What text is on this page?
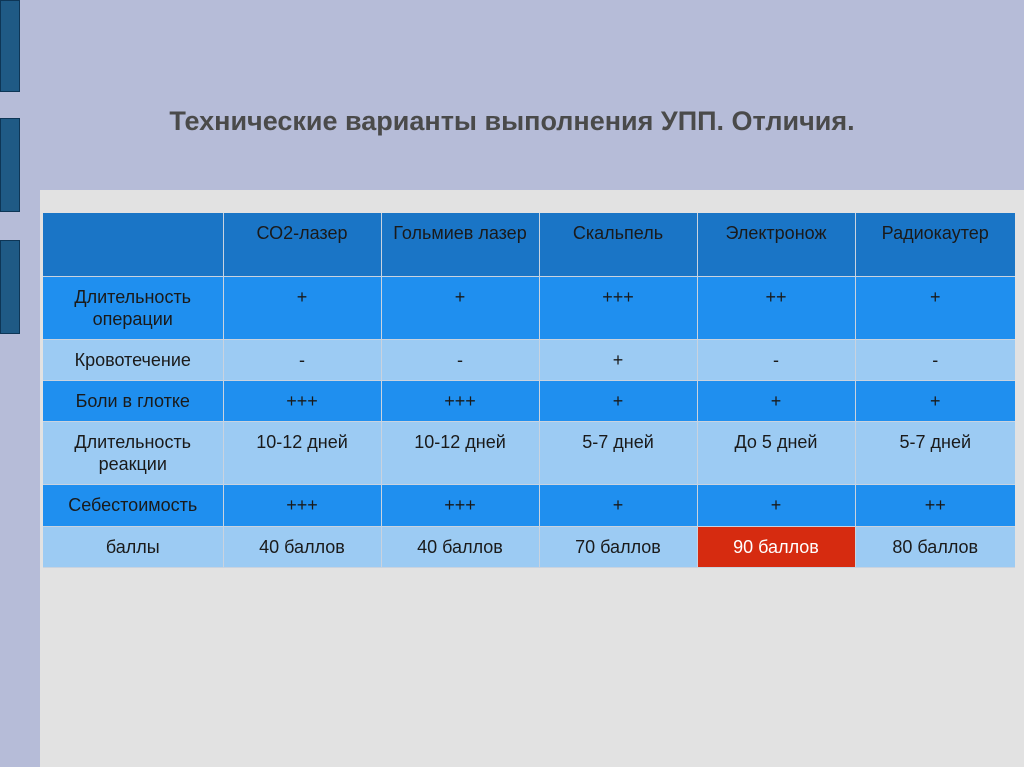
Технические варианты выполнения УПП. Отличия.
	СО2-лазер	Гольмиев лазер	Скальпель	Электронож	Радиокаутер
Длительность операции	+	+	+++	++	+
Кровотечение	-	-	+	-	-
Боли в глотке	+++	+++	+	+	+
Длительность реакции	10-12 дней	10-12 дней	5-7 дней	До 5 дней	5-7 дней
Себестоимость	+++	+++	+	+	++
баллы	40 баллов	40 баллов	70 баллов	90 баллов	80 баллов
